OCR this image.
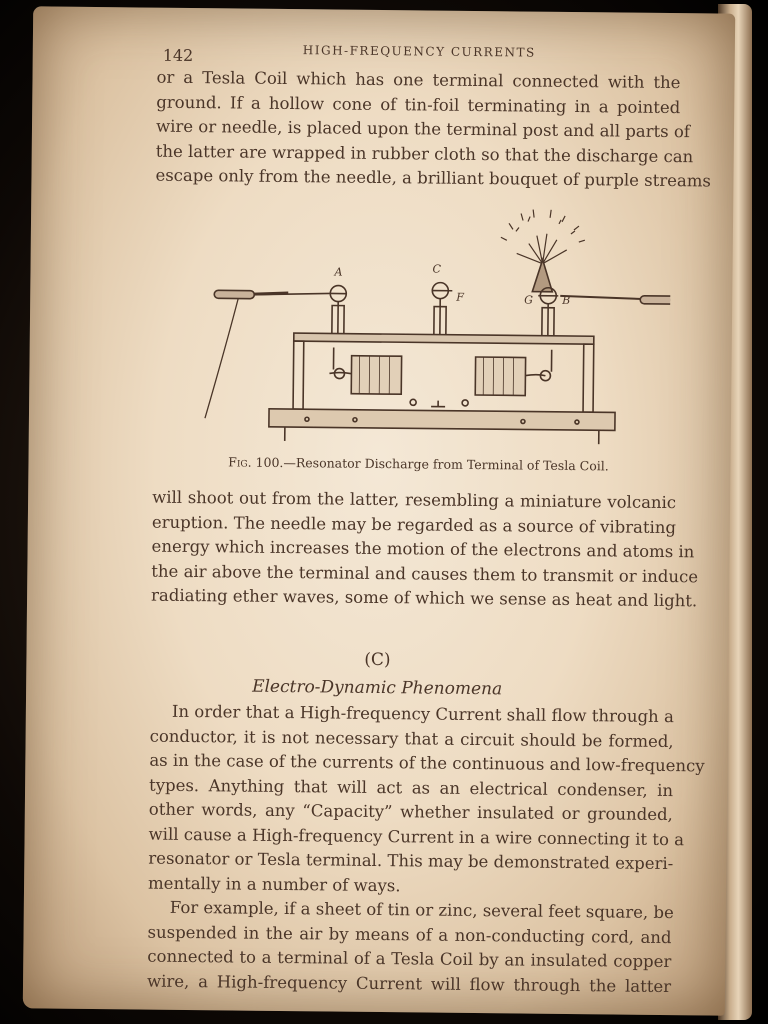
142	HIGH-FREQUENCY CURRENTS
or a Tesla Coil which has one terminal connected with the
ground. If a hollow cone of tin-foil terminating in a pointed
wire or needle, is placed upon the terminal post and all parts of
the latter are wrapped in rubber cloth so that the discharge can
escape only from the needle, a brilliant bouquet of purple streams
A	C
F	G	B
Fig. 100.—Resonator Discharge from Terminal of Tesla Coil.
will shoot out from the latter, resembling a miniature volcanic
eruption. The needle may be regarded as a source of vibrating
energy which increases the motion of the electrons and atoms in
the air above the terminal and causes them to transmit or induce
radiating ether waves, some of which we sense as heat and light.
(C)
Electro-Dynamic Phenomena
In order that a High-frequency Current shall flow through a
conductor, it is not necessary that a circuit should be formed,
as in the case of the currents of the continuous and low-frequency
types. Anything that will act as an electrical condenser, in
other words, any “Capacity” whether insulated or grounded,
will cause a High-frequency Current in a wire connecting it to a
resonator or Tesla terminal. This may be demonstrated experi-
mentally in a number of ways.
For example, if a sheet of tin or zinc, several feet square, be
suspended in the air by means of a non-conducting cord, and
connected to a terminal of a Tesla Coil by an insulated copper
wire, a High-frequency Current will flow through the latter
